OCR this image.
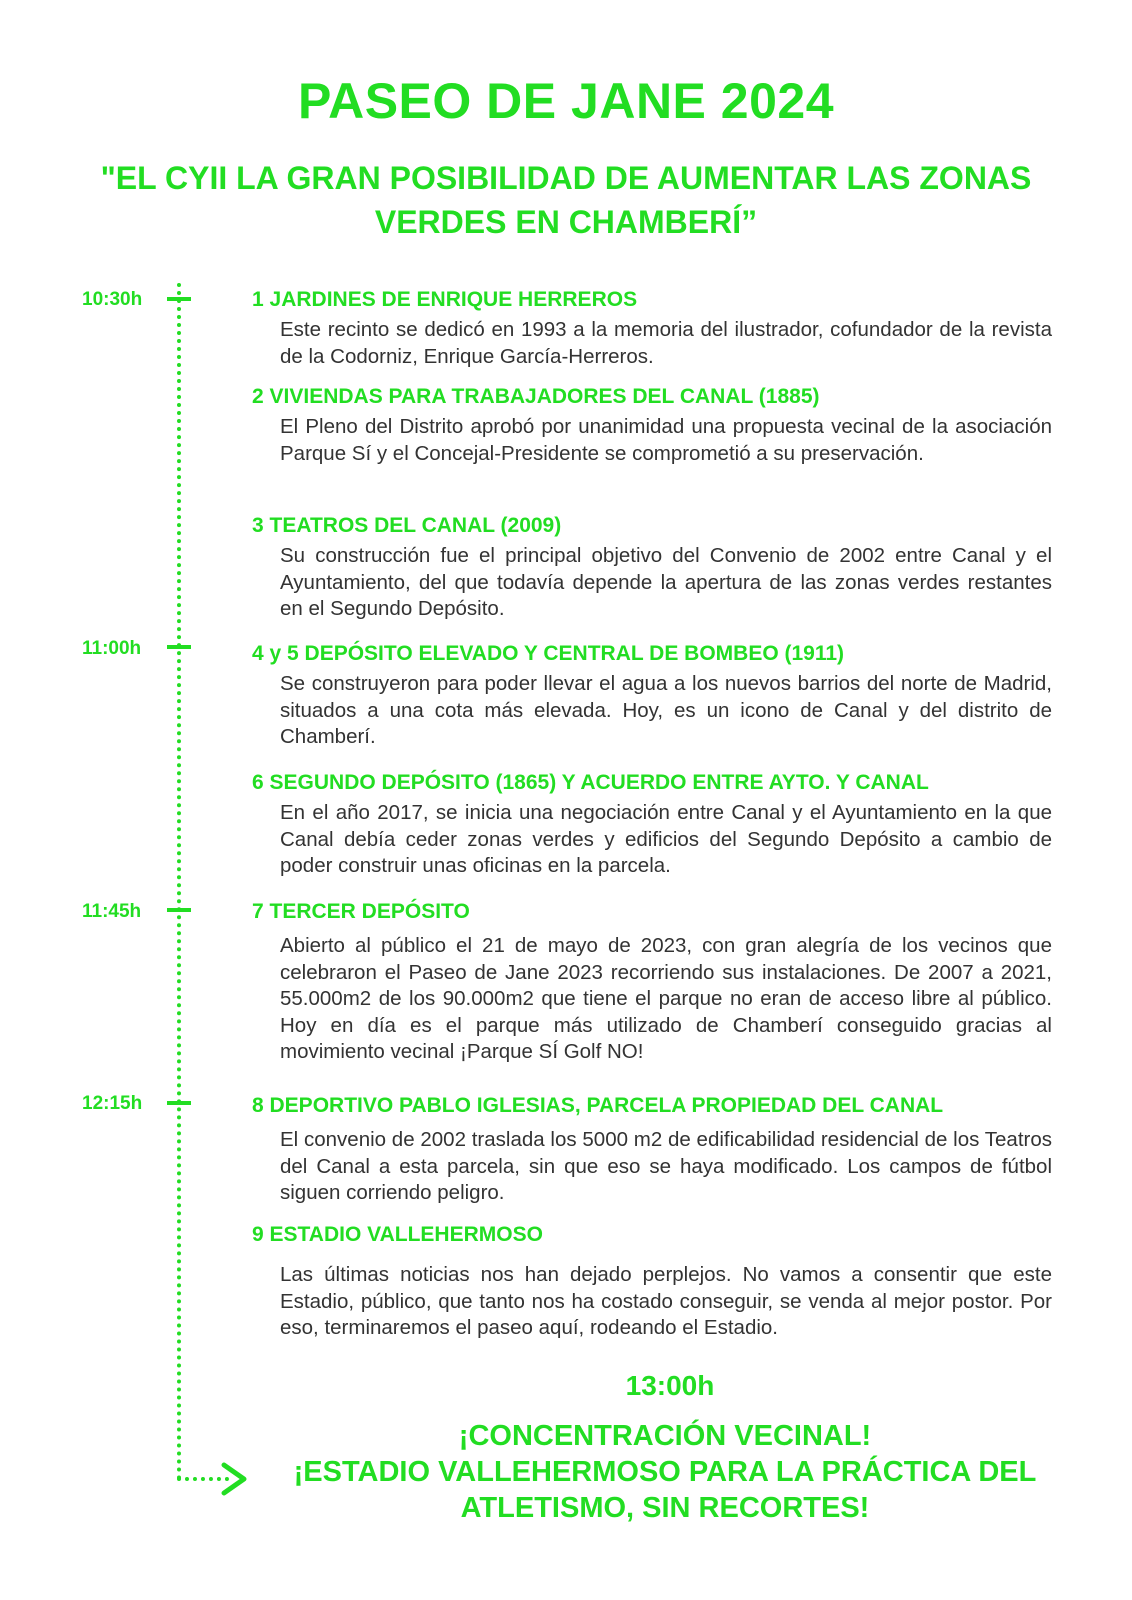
PASEO DE JANE 2024
"EL CYII LA GRAN POSIBILIDAD DE AUMENTAR LAS ZONAS VERDES EN CHAMBERÍ”
10:30h
11:00h
11:45h
12:15h
1 JARDINES DE ENRIQUE HERREROS
Este recinto se dedicó en 1993 a la memoria del ilustrador, cofundador de la revista de la Codorniz, Enrique García-Herreros.
2 VIVIENDAS PARA TRABAJADORES DEL CANAL (1885)
El Pleno del Distrito aprobó por unanimidad una propuesta vecinal de la asociación Parque Sí y el Concejal-Presidente se comprometió a su preservación.
3 TEATROS DEL CANAL (2009)
Su construcción fue el principal objetivo del Convenio de 2002 entre Canal y el Ayuntamiento, del que todavía depende la apertura de las zonas verdes restantes en el Segundo Depósito.
4 y 5 DEPÓSITO ELEVADO Y CENTRAL DE BOMBEO (1911)
Se construyeron para poder llevar el agua a los nuevos barrios del norte de Madrid, situados a una cota más elevada. Hoy, es un icono de Canal y del distrito de Chamberí.
6 SEGUNDO DEPÓSITO (1865) Y ACUERDO ENTRE AYTO. Y CANAL
En el año 2017, se inicia una negociación entre Canal y el Ayuntamiento en la que Canal debía ceder zonas verdes y edificios del Segundo Depósito a cambio de poder construir unas oficinas en la parcela.
7 TERCER DEPÓSITO
Abierto al público el 21 de mayo de 2023, con gran alegría de los vecinos que celebraron el Paseo de Jane 2023 recorriendo sus instalaciones. De 2007 a 2021, 55.000m2 de los 90.000m2 que tiene el parque no eran de acceso libre al público. Hoy en día es el parque más utilizado de Chamberí conseguido gracias al movimiento vecinal ¡Parque SÍ Golf NO!
8 DEPORTIVO PABLO IGLESIAS, PARCELA PROPIEDAD DEL CANAL
El convenio de 2002 traslada los 5000 m2 de edificabilidad residencial de los Teatros del Canal a esta parcela, sin que eso se haya modificado. Los campos de fútbol siguen corriendo peligro.
9 ESTADIO VALLEHERMOSO
Las últimas noticias nos han dejado perplejos. No vamos a consentir que este Estadio, público, que tanto nos ha costado conseguir, se venda al mejor postor. Por eso, terminaremos el paseo aquí, rodeando el Estadio.
13:00h
¡CONCENTRACIÓN VECINAL!
¡ESTADIO VALLEHERMOSO PARA LA PRÁCTICA DEL
ATLETISMO, SIN RECORTES!
